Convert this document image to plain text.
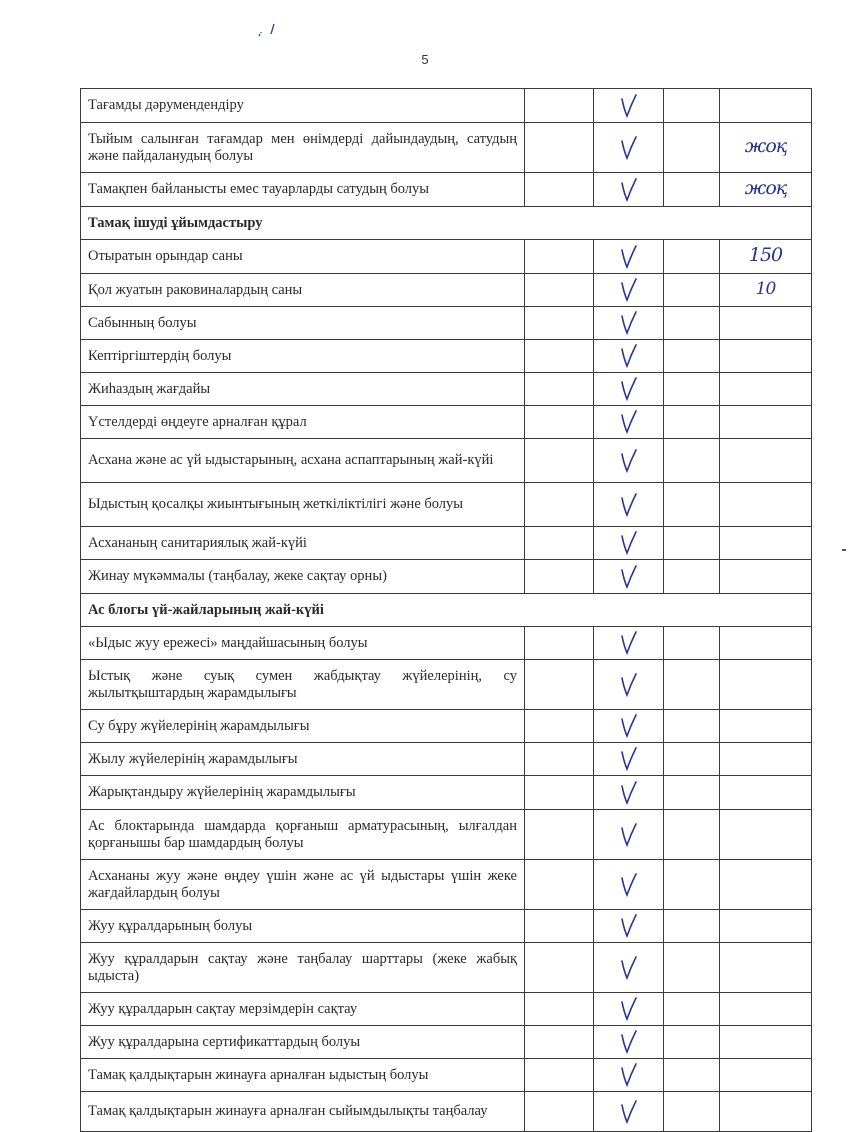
5
Тағамды дәрумендендіру				
Тыйым салынған тағамдар мен өнімдерді дайындаудың, сатудың және пайдаланудың болуы				жоқ
Тамақпен байланысты емес тауарларды сатудың болуы				жоқ
Тамақ ішуді ұйымдастыру				
Отыратын орындар саны				150
Қол жуатын раковиналардың саны				10
Сабынның болуы				
Кептіргіштердің болуы				
Жиһаздың жағдайы				
Үстелдерді өңдеуге арналған құрал				
Асхана және ас үй ыдыстарының, асхана аспаптарының жай-күйі				
Ыдыстың қосалқы жиынтығының жеткіліктілігі және болуы				
Асхананың санитариялық жай-күйі				
Жинау мүкәммалы (таңбалау, жеке сақтау орны)				
Ас блогы үй-жайларының жай-күйі				
«Ыдыс жуу ережесі» маңдайшасының болуы				
Ыстық және суық сумен жабдықтау жүйелерінің, су жылытқыштардың жарамдылығы				
Су бұру жүйелерінің жарамдылығы				
Жылу жүйелерінің жарамдылығы				
Жарықтандыру жүйелерінің жарамдылығы				
Ас блоктарында шамдарда қорғаныш арматурасының, ылғалдан қорғанышы бар шамдардың болуы				
Асхананы жуу және өңдеу үшін және ас үй ыдыстары үшін жеке жағдайлардың болуы				
Жуу құралдарының болуы				
Жуу құралдарын сақтау және таңбалау шарттары (жеке жабық ыдыста)				
Жуу құралдарын сақтау мерзімдерін сақтау				
Жуу құралдарына сертификаттардың болуы				
Тамақ қалдықтарын жинауға арналған ыдыстың болуы				
Тамақ қалдықтарын жинауға арналған сыйымдылықты таңбалау				
